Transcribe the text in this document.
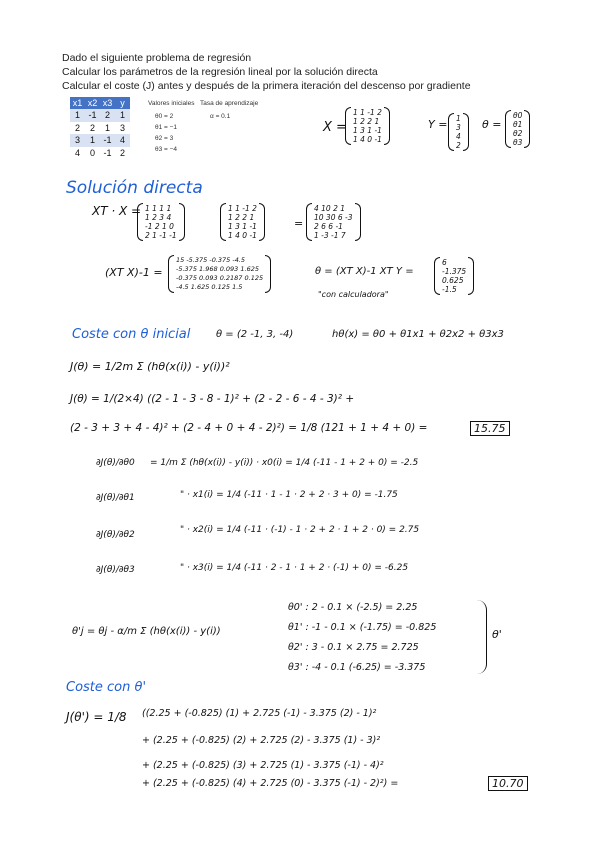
Dado el siguiente problema de regresión
Calcular los parámetros de la regresión lineal por la solución directa
Calcular el coste (J) antes y después de la primera iteración del descenso por gradiente
x1	x2	x3	y
1	-1	2	1
2	2	1	3
3	1	-1	4
4	0	-1	2
Valores iniciales
θ0 = 2
θ1 = −1
θ2 = 3
θ3 = −4
Tasa de aprendizaje
α = 0.1
X =
1 1 -1 2
1 2 2 1
1 3 1 -1
1 4 0 -1
Y = 1
3
4
2
θ =
θ0
θ1
θ2
θ3
Solución directa
XT · X = 1 1 1 1
1 2 3 4
-1 2 1 0
2 1 -1 -1
1 1 -1 2
1 2 2 1
1 3 1 -1
1 4 0 -1
=
4 10 2 1
10 30 6 -3
2 6 6 -1
1 -3 -1 7
(XT X)-1 =
15 -5.375 -0.375 -4.5
-5.375 1.968 0.093 1.625
-0.375 0.093 0.2187 0.125
-4.5 1.625 0.125 1.5
θ = (XT X)-1 XT Y =
6
-1.375
0.625
-1.5
"con calculadora"
Coste con θ inicial	θ = (2 -1, 3, -4)	hθ(x) = θ0 + θ1x1 + θ2x2 + θ3x3
J(θ) = 1/2m Σ (hθ(x(i)) - y(i))²
J(θ) = 1/(2×4) ((2 - 1 - 3 - 8 - 1)² + (2 - 2 - 6 - 4 - 3)² +
(2 - 3 + 3 + 4 - 4)² + (2 - 4 + 0 + 4 - 2)²) = 1/8 (121 + 1 + 4 + 0) =	15.75
∂J(θ)/∂θ0 = 1/m Σ (hθ(x(i)) - y(i)) · x0(i) = 1/4 (-11 - 1 + 2 + 0) = -2.5
∂J(θ)/∂θ1	" · x1(i) = 1/4 (-11 · 1 - 1 · 2 + 2 · 3 + 0) = -1.75
∂J(θ)/∂θ2	" · x2(i) = 1/4 (-11 · (-1) - 1 · 2 + 2 · 1 + 2 · 0) = 2.75
∂J(θ)/∂θ3	" · x3(i) = 1/4 (-11 · 2 - 1 · 1 + 2 · (-1) + 0) = -6.25
θ'j = θj - α/m Σ (hθ(x(i)) - y(i))
θ0' : 2 - 0.1 × (-2.5) = 2.25
θ1' : -1 - 0.1 × (-1.75) = -0.825
θ2' : 3 - 0.1 × 2.75 = 2.725
θ3' : -4 - 0.1 (-6.25) = -3.375
θ'
Coste con θ'
J(θ') = 1/8 ((2.25 + (-0.825) (1) + 2.725 (-1) - 3.375 (2) - 1)²
+ (2.25 + (-0.825) (2) + 2.725 (2) - 3.375 (1) - 3)²
+ (2.25 + (-0.825) (3) + 2.725 (1) - 3.375 (-1) - 4)²
+ (2.25 + (-0.825) (4) + 2.725 (0) - 3.375 (-1) - 2)²) =	10.70
